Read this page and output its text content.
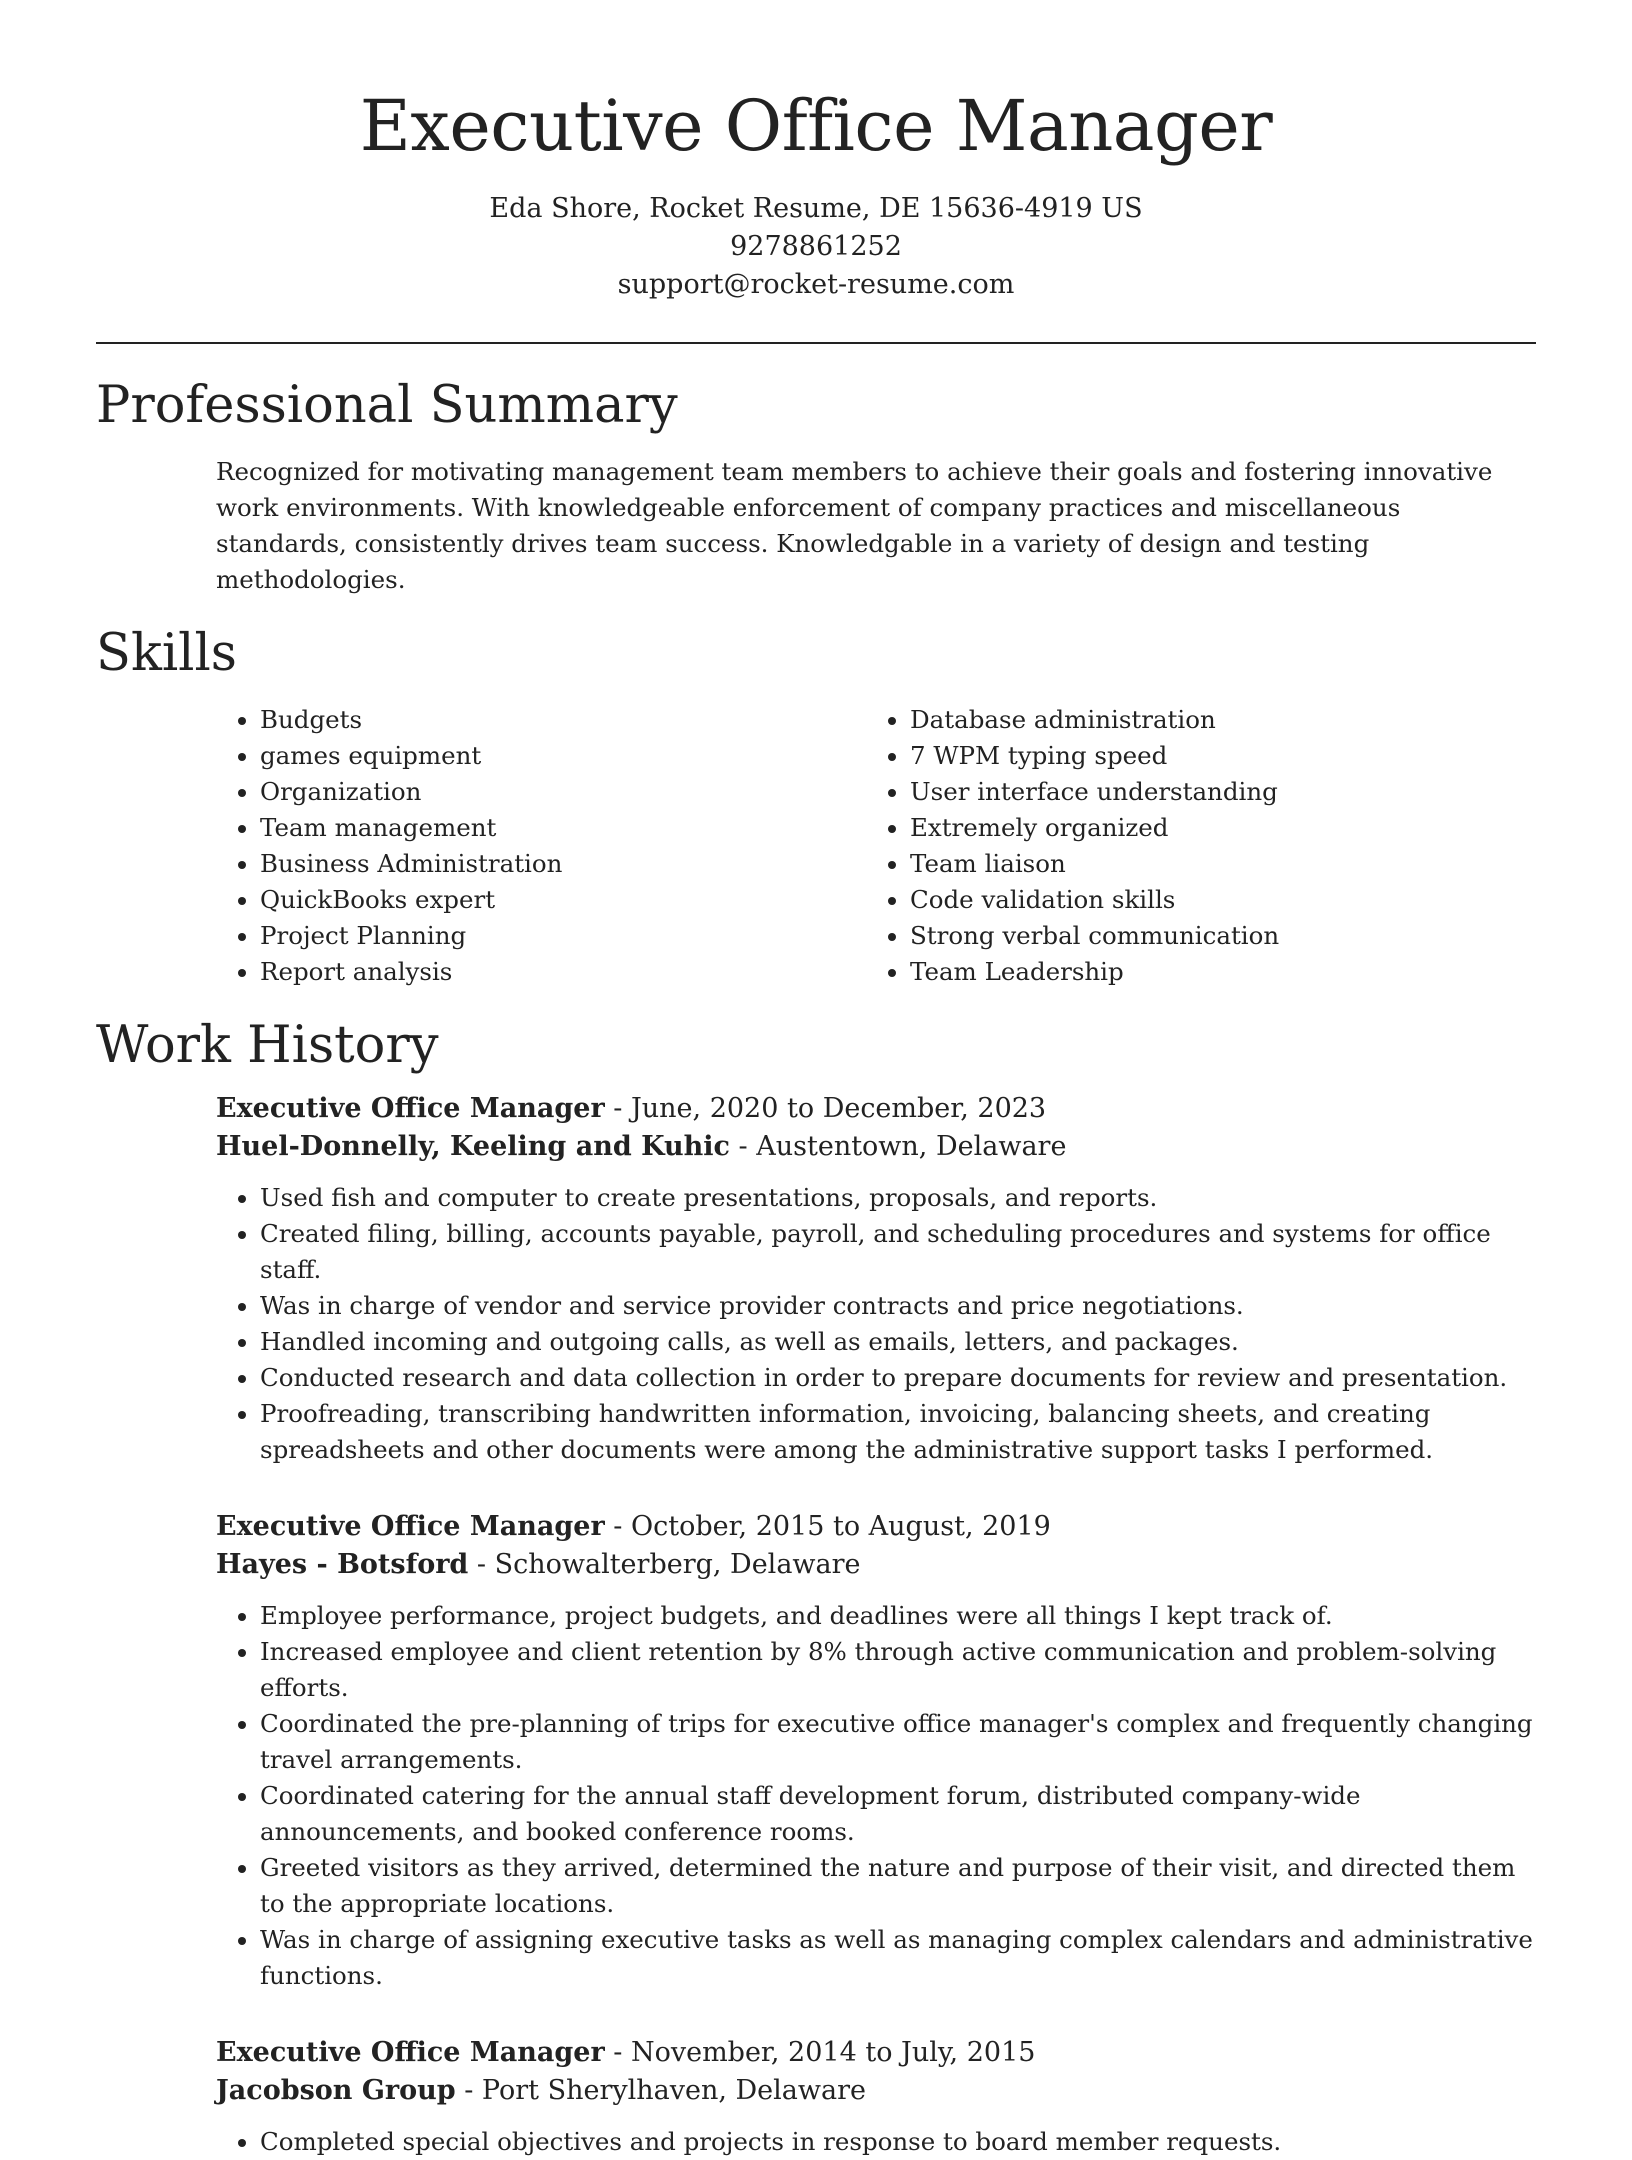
Executive Office Manager
Eda Shore, Rocket Resume, DE 15636-4919 US
9278861252
support@rocket-resume.com
Professional Summary

Recognized for motivating management team members to achieve their goals and fostering innovative work environments. With knowledgeable enforcement of company practices and miscellaneous standards, consistently drives team success. Knowledgable in a variety of design and testing methodologies.

Skills
• Budgets
• games equipment
• Organization
• Team management
• Business Administration
• QuickBooks expert
• Project Planning
• Report analysis
• Database administration
• 7 WPM typing speed
• User interface understanding
• Extremely organized
• Team liaison
• Code validation skills
• Strong verbal communication
• Team Leadership
Work History
Executive Office Manager - June, 2020 to December, 2023
Huel-Donnelly, Keeling and Kuhic - Austentown, Delaware
• Used fish and computer to create presentations, proposals, and reports.
• Created filing, billing, accounts payable, payroll, and scheduling procedures and systems for office staff.
• Was in charge of vendor and service provider contracts and price negotiations.
• Handled incoming and outgoing calls, as well as emails, letters, and packages.
• Conducted research and data collection in order to prepare documents for review and presentation.
• Proofreading, transcribing handwritten information, invoicing, balancing sheets, and creating spreadsheets and other documents were among the administrative support tasks I performed.
Executive Office Manager - October, 2015 to August, 2019
Hayes - Botsford - Schowalterberg, Delaware
• Employee performance, project budgets, and deadlines were all things I kept track of.
• Increased employee and client retention by 8% through active communication and problem-solving efforts.
• Coordinated the pre-planning of trips for executive office manager's complex and frequently changing travel arrangements.
• Coordinated catering for the annual staff development forum, distributed company-wide announcements, and booked conference rooms.
• Greeted visitors as they arrived, determined the nature and purpose of their visit, and directed them to the appropriate locations.
• Was in charge of assigning executive tasks as well as managing complex calendars and administrative functions.
Executive Office Manager - November, 2014 to July, 2015
Jacobson Group - Port Sherylhaven, Delaware
• Completed special objectives and projects in response to board member requests.
